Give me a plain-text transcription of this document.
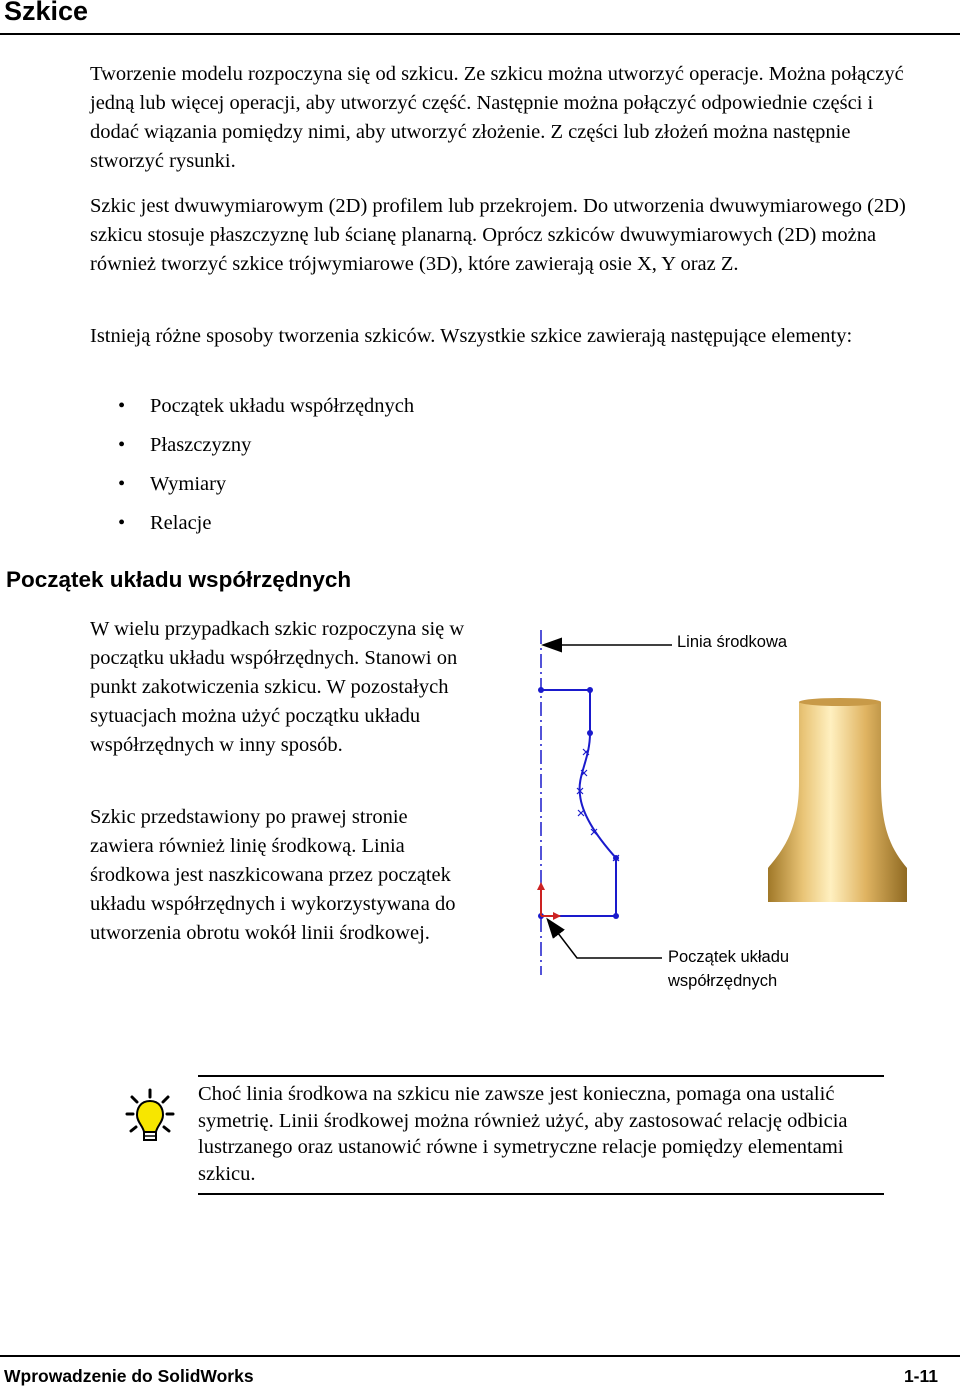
Szkice

Tworzenie modelu rozpoczyna się od szkicu. Ze szkicu można utworzyć operacje. Można połączyć jedną lub więcej operacji, aby utworzyć część. Następnie można połączyć odpowiednie części i dodać wiązania pomiędzy nimi, aby utworzyć złożenie. Z części lub złożeń można następnie stworzyć rysunki.

Szkic jest dwuwymiarowym (2D) profilem lub przekrojem. Do utworzenia dwuwymiarowego (2D) szkicu stosuje płaszczyznę lub ścianę planarną. Oprócz szkiców dwuwymiarowych (2D) można również tworzyć szkice trójwymiarowe (3D), które zawierają osie X, Y oraz Z.

Istnieją różne sposoby tworzenia szkiców. Wszystkie szkice zawierają następujące elementy:

• Początek układu współrzędnych
• Płaszczyzny
• Wymiary
• Relacje
Początek układu współrzędnych

W wielu przypadkach szkic rozpoczyna się w początku układu współrzędnych. Stanowi on punkt zakotwiczenia szkicu. W pozostałych sytuacjach można użyć początku układu współrzędnych w inny sposób.

Szkic przedstawiony po prawej stronie zawiera również linię środkową. Linia środkowa jest naszkicowana przez początek układu współrzędnych i wykorzystywana do utworzenia obrotu wokół linii środkowej.

Linia środkowa
Początek układu
współrzędnych

Choć linia środkowa na szkicu nie zawsze jest konieczna, pomaga ona ustalić symetrię. Linii środkowej można również użyć, aby zastosować relację odbicia lustrzanego oraz ustanowić równe i symetryczne relacje pomiędzy elementami szkicu.

Wprowadzenie do SolidWorks	1-11
